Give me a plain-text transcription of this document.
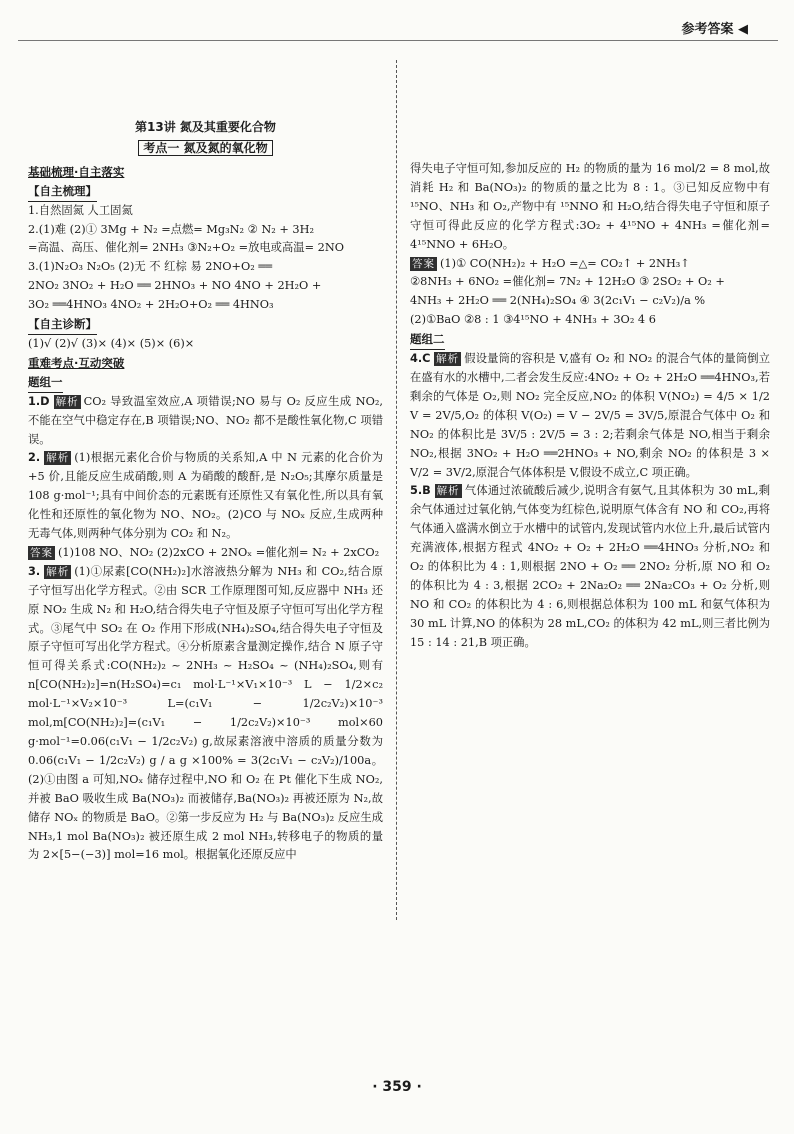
参考答案 ◀
第13讲 氮及其重要化合物
考点一 氮及氮的氧化物

基础梳理·自主落实

【自主梳理】

1.自然固氮 人工固氮

2.(1)难 (2)① 3Mg + N₂ =点燃= Mg₃N₂ ② N₂ + 3H₂

=高温、高压、催化剂= 2NH₃ ③N₂+O₂ =放电或高温= 2NO

3.(1)N₂O₃ N₂O₅ (2)无 不 红棕 易 2NO+O₂ ══

2NO₂ 3NO₂ + H₂O ══ 2HNO₃ + NO 4NO + 2H₂O +

3O₂ ══4HNO₃ 4NO₂ + 2H₂O+O₂ ══ 4HNO₃

【自主诊断】

(1)√ (2)√ (3)× (4)× (5)× (6)×

重难考点·互动突破

题组一

1.D 解析 CO₂ 导致温室效应,A 项错误;NO 易与 O₂ 反应生成 NO₂,不能在空气中稳定存在,B 项错误;NO、NO₂ 都不是酸性氧化物,C 项错误。

2. 解析 (1)根据元素化合价与物质的关系知,A 中 N 元素的化合价为+5 价,且能反应生成硝酸,则 A 为硝酸的酸酐,是 N₂O₅;其摩尔质量是 108 g·mol⁻¹;具有中间价态的元素既有还原性又有氧化性,所以具有氧化性和还原性的氧化物为 NO、NO₂。(2)CO 与 NOₓ 反应,生成两种无毒气体,则两种气体分别为 CO₂ 和 N₂。

答案 (1)108 NO、NO₂ (2)2xCO + 2NOₓ =催化剂= N₂ + 2xCO₂

3. 解析 (1)①尿素[CO(NH₂)₂]水溶液热分解为 NH₃ 和 CO₂,结合原子守恒写出化学方程式。②由 SCR 工作原理图可知,反应器中 NH₃ 还原 NO₂ 生成 N₂ 和 H₂O,结合得失电子守恒及原子守恒可写出化学方程式。③尾气中 SO₂ 在 O₂ 作用下形成(NH₄)₂SO₄,结合得失电子守恒及原子守恒可写出化学方程式。④分析原素含量测定操作,结合 N 原子守恒可得关系式:CO(NH₂)₂ ~ 2NH₃ ~ H₂SO₄ ~ (NH₄)₂SO₄,则有 n[CO(NH₂)₂]=n(H₂SO₄)=c₁ mol·L⁻¹×V₁×10⁻³ L − 1/2×c₂ mol·L⁻¹×V₂×10⁻³ L=(c₁V₁ − 1/2c₂V₂)×10⁻³ mol,m[CO(NH₂)₂]=(c₁V₁ − 1/2c₂V₂)×10⁻³ mol×60 g·mol⁻¹=0.06(c₁V₁ − 1/2c₂V₂) g,故尿素溶液中溶质的质量分数为 0.06(c₁V₁ − 1/2c₂V₂) g / a g ×100% = 3(2c₁V₁ − c₂V₂)/100a。(2)①由图 a 可知,NOₓ 储存过程中,NO 和 O₂ 在 Pt 催化下生成 NO₂,并被 BaO 吸收生成 Ba(NO₃)₂ 而被储存,Ba(NO₃)₂ 再被还原为 N₂,故储存 NOₓ 的物质是 BaO。②第一步反应为 H₂ 与 Ba(NO₃)₂ 反应生成 NH₃,1 mol Ba(NO₃)₂ 被还原生成 2 mol NH₃,转移电子的物质的量为 2×[5−(−3)] mol=16 mol。根据氧化还原反应中

得失电子守恒可知,参加反应的 H₂ 的物质的量为 16 mol/2 = 8 mol,故消耗 H₂ 和 Ba(NO₃)₂ 的物质的量之比为 8 : 1。③已知反应物中有 ¹⁵NO、NH₃ 和 O₂,产物中有 ¹⁵NNO 和 H₂O,结合得失电子守恒和原子守恒可得此反应的化学方程式:3O₂ + 4¹⁵NO + 4NH₃ =催化剂= 4¹⁵NNO + 6H₂O。

答案 (1)① CO(NH₂)₂ + H₂O =△= CO₂↑ + 2NH₃↑

②8NH₃ + 6NO₂ =催化剂= 7N₂ + 12H₂O ③ 2SO₂ + O₂ +

4NH₃ + 2H₂O ══ 2(NH₄)₂SO₄ ④ 3(2c₁V₁ − c₂V₂)/a %

(2)①BaO ②8 : 1 ③4¹⁵NO + 4NH₃ + 3O₂ 4 6

题组二

4.C 解析 假设量筒的容积是 V,盛有 O₂ 和 NO₂ 的混合气体的量筒倒立在盛有水的水槽中,二者会发生反应:4NO₂ + O₂ + 2H₂O ══4HNO₃,若剩余的气体是 O₂,则 NO₂ 完全反应,NO₂ 的体积 V(NO₂) = 4/5 × 1/2 V = 2V/5,O₂ 的体积 V(O₂) = V − 2V/5 = 3V/5,原混合气体中 O₂ 和 NO₂ 的体积比是 3V/5 : 2V/5 = 3 : 2;若剩余气体是 NO,相当于剩余 NO₂,根据 3NO₂ + H₂O ══2HNO₃ + NO,剩余 NO₂ 的体积是 3 × V/2 = 3V/2,原混合气体体积是 V,假设不成立,C 项正确。

5.B 解析 气体通过浓硫酸后减少,说明含有氨气,且其体积为 30 mL,剩余气体通过过氧化钠,气体变为红棕色,说明原气体含有 NO 和 CO₂,再将气体通入盛满水倒立于水槽中的试管内,发现试管内水位上升,最后试管内充满液体,根据方程式 4NO₂ + O₂ + 2H₂O ══4HNO₃ 分析,NO₂ 和 O₂ 的体积比为 4 : 1,则根据 2NO + O₂ ══ 2NO₂ 分析,原 NO 和 O₂ 的体积比为 4 : 3,根据 2CO₂ + 2Na₂O₂ ══ 2Na₂CO₃ + O₂ 分析,则 NO 和 CO₂ 的体积比为 4 : 6,则根据总体积为 100 mL 和氨气体积为 30 mL 计算,NO 的体积为 28 mL,CO₂ 的体积为 42 mL,则三者比例为 15 : 14 : 21,B 项正确。

· 359 ·
